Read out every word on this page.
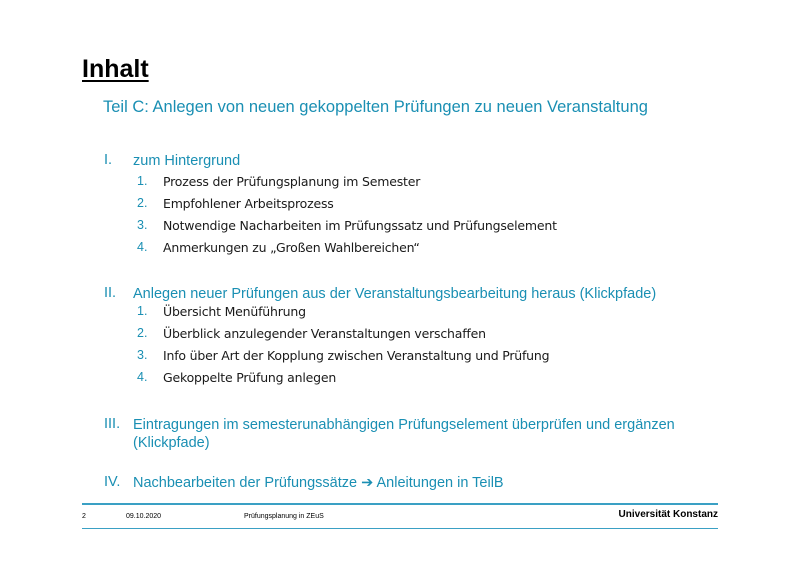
Inhalt
Teil C: Anlegen von neuen gekoppelten Prüfungen zu neuen Veranstaltung
I. zum Hintergrund
1. Prozess der Prüfungsplanung im Semester
2. Empfohlener Arbeitsprozess
3. Notwendige Nacharbeiten im Prüfungssatz und Prüfungselement
4. Anmerkungen zu „Großen Wahlbereichen“
II. Anlegen neuer Prüfungen aus der Veranstaltungsbearbeitung heraus (Klickpfade)
1. Übersicht Menüführung
2. Überblick anzulegender Veranstaltungen verschaffen
3. Info über Art der Kopplung zwischen Veranstaltung und Prüfung
4. Gekoppelte Prüfung anlegen
III. Eintragungen im semesterunabhängigen Prüfungselement überprüfen und ergänzen
(Klickpfade)
IV. Nachbearbeiten der Prüfungssätze ➔ Anleitungen in TeilB
2	09.10.2020	Prüfungsplanung in ZEuS	Universität Konstanz
